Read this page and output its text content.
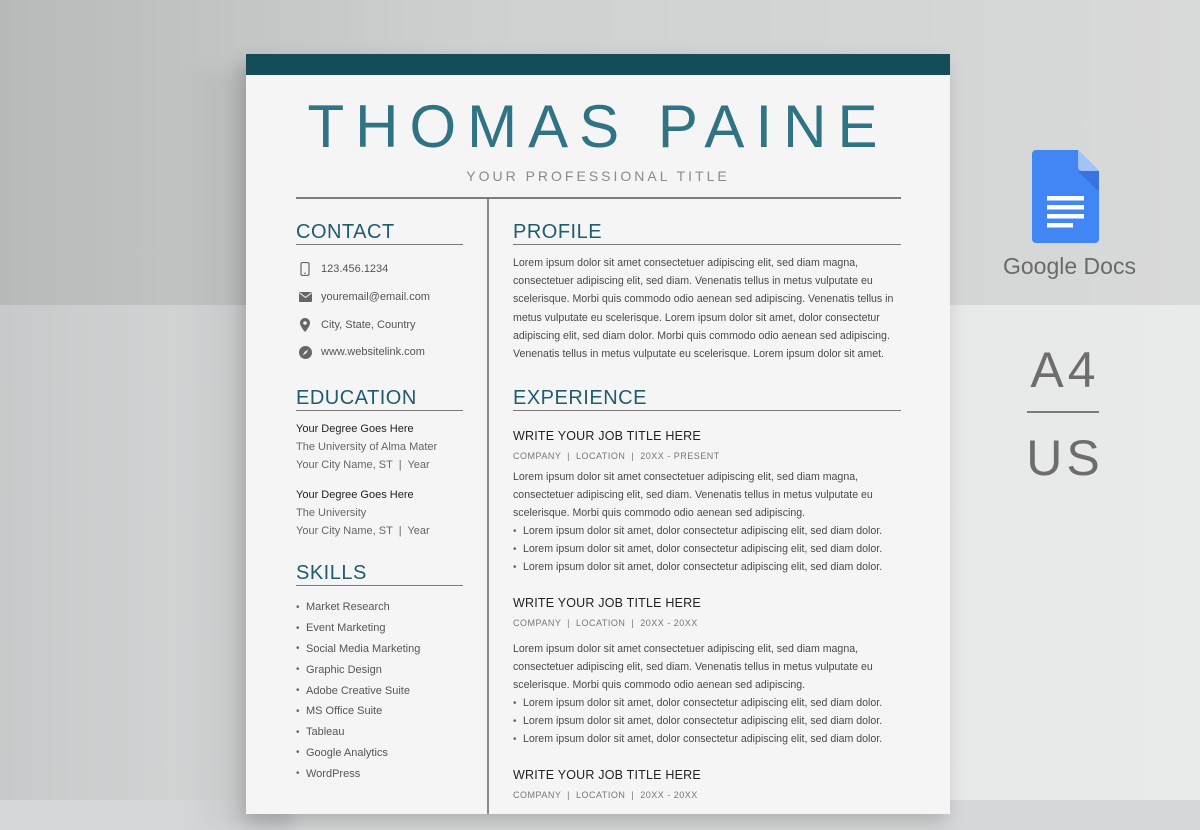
THOMAS PAINE
YOUR PROFESSIONAL TITLE
CONTACT
123.456.1234
youremail@email.com
City, State, Country
www.websitelink.com
EDUCATION
Your Degree Goes Here
The University of Alma Mater
Your City Name, ST  |  Year
Your Degree Goes Here
The University
Your City Name, ST  |  Year
SKILLS
• Market Research
• Event Marketing
• Social Media Marketing
• Graphic Design
• Adobe Creative Suite
• MS Office Suite
• Tableau
• Google Analytics
• WordPress
PROFILE
Lorem ipsum dolor sit amet consectetuer adipiscing elit, sed diam magna,
consectetuer adipiscing elit, sed diam. Venenatis tellus in metus vulputate eu
scelerisque. Morbi quis commodo odio aenean sed adipiscing. Venenatis tellus in
metus vulputate eu scelerisque. Lorem ipsum dolor sit amet, dolor consectetur
adipiscing elit, sed diam dolor. Morbi quis commodo odio aenean sed adipiscing.
Venenatis tellus in metus vulputate eu scelerisque. Lorem ipsum dolor sit amet.
EXPERIENCE
WRITE YOUR JOB TITLE HERE
COMPANY  |  LOCATION  |  20XX - PRESENT
Lorem ipsum dolor sit amet consectetuer adipiscing elit, sed diam magna,
consectetuer adipiscing elit, sed diam. Venenatis tellus in metus vulputate eu
scelerisque. Morbi quis commodo odio aenean sed adipiscing.
• Lorem ipsum dolor sit amet, dolor consectetur adipiscing elit, sed diam dolor.
• Lorem ipsum dolor sit amet, dolor consectetur adipiscing elit, sed diam dolor.
• Lorem ipsum dolor sit amet, dolor consectetur adipiscing elit, sed diam dolor.
WRITE YOUR JOB TITLE HERE
COMPANY  |  LOCATION  |  20XX - 20XX
Lorem ipsum dolor sit amet consectetuer adipiscing elit, sed diam magna,
consectetuer adipiscing elit, sed diam. Venenatis tellus in metus vulputate eu
scelerisque. Morbi quis commodo odio aenean sed adipiscing.
• Lorem ipsum dolor sit amet, dolor consectetur adipiscing elit, sed diam dolor.
• Lorem ipsum dolor sit amet, dolor consectetur adipiscing elit, sed diam dolor.
• Lorem ipsum dolor sit amet, dolor consectetur adipiscing elit, sed diam dolor.
WRITE YOUR JOB TITLE HERE
COMPANY  |  LOCATION  |  20XX - 20XX
Google Docs
A4
US
